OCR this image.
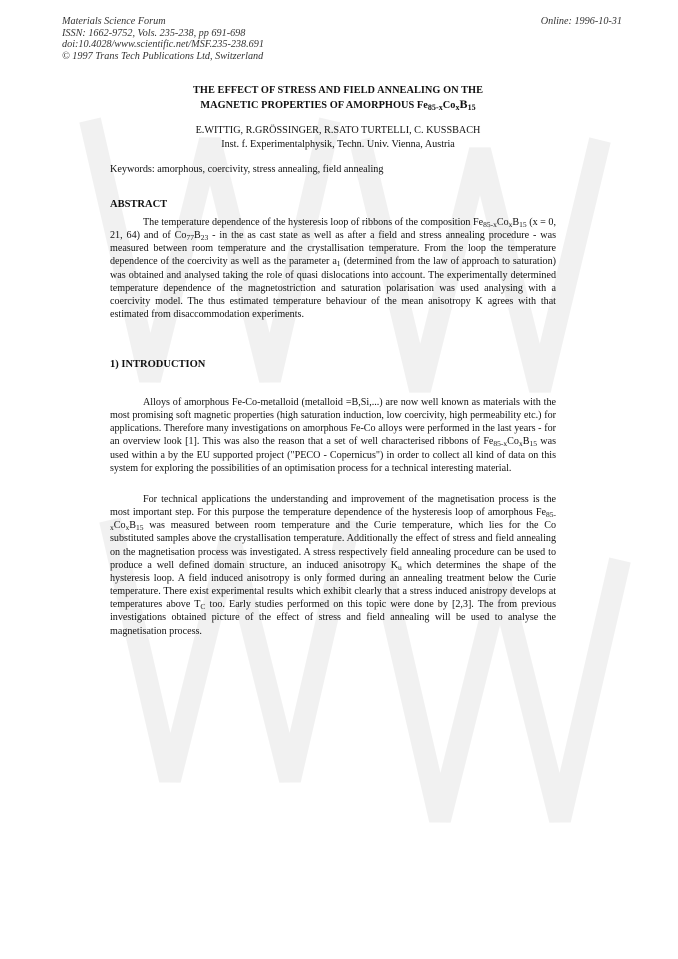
Materials Science Forum
ISSN: 1662-9752, Vols. 235-238, pp 691-698
doi:10.4028/www.scientific.net/MSF.235-238.691
© 1997 Trans Tech Publications Ltd, Switzerland
Online: 1996-10-31
THE EFFECT OF STRESS AND FIELD ANNEALING ON THE
MAGNETIC PROPERTIES OF AMORPHOUS $Fe_{85-x}Co_xB_{15}$
E.WITTIG, R.GRÖSSINGER, R.SATO TURTELLI, C. KUSSBACH
Inst. f. Experimentalphysik, Techn. Univ. Vienna, Austria
Keywords: amorphous, coercivity, stress annealing, field annealing
ABSTRACT

The temperature dependence of the hysteresis loop of ribbons of the composition $Fe_{85-x}Co_xB_{15}$ (x = 0, 21, 64) and of $Co_{77}B_{23}$ - in the as cast state as well as after a field and stress annealing procedure - was measured between room temperature and the crystallisation temperature. From the loop the temperature dependence of the coercivity as well as the parameter $a_1$ (determined from the law of approach to saturation) was obtained and analysed taking the role of quasi dislocations into account. The experimentally determined temperature dependence of the magnetostriction and saturation polarisation was used analysing with a coercivity model. The thus estimated temperature behaviour of the mean anisotropy K agrees with that estimated from disaccommodation experiments.

1) INTRODUCTION

Alloys of amorphous Fe-Co-metalloid (metalloid =B,Si,...) are now well known as materials with the most promising soft magnetic properties (high saturation induction, low coercivity, high permeability etc.) for applications. Therefore many investigations on amorphous Fe-Co alloys were performed in the last years - for an overview look [1]. This was also the reason that a set of well characterised ribbons of $Fe_{85-x}Co_xB_{15}$ was used within a by the EU supported project ("PECO - Copernicus") in order to collect all kind of data on this system for exploring the possibilities of an optimisation process for a technical interesting material.

For technical applications the understanding and improvement of the magnetisation process is the most important step. For this purpose the temperature dependence of the hysteresis loop of amorphous $Fe_{85-x}Co_xB_{15}$ was measured between room temperature and the Curie temperature, which lies for the Co substituted samples above the crystallisation temperature. Additionally the effect of stress and field annealing on the magnetisation process was investigated. A stress respectively field annealing procedure can be used to produce a well defined domain structure, an induced anisotropy $K_u$ which determines the shape of the hysteresis loop. A field induced anisotropy is only formed during an annealing treatment below the Curie temperature. There exist experimental results which exhibit clearly that a stress induced anistropy develops at temperatures above $T_C$ too. Early studies performed on this topic were done by [2,3]. The from previous investigations obtained picture of the effect of stress and field annealing will be used to analyse the magnetisation process.
